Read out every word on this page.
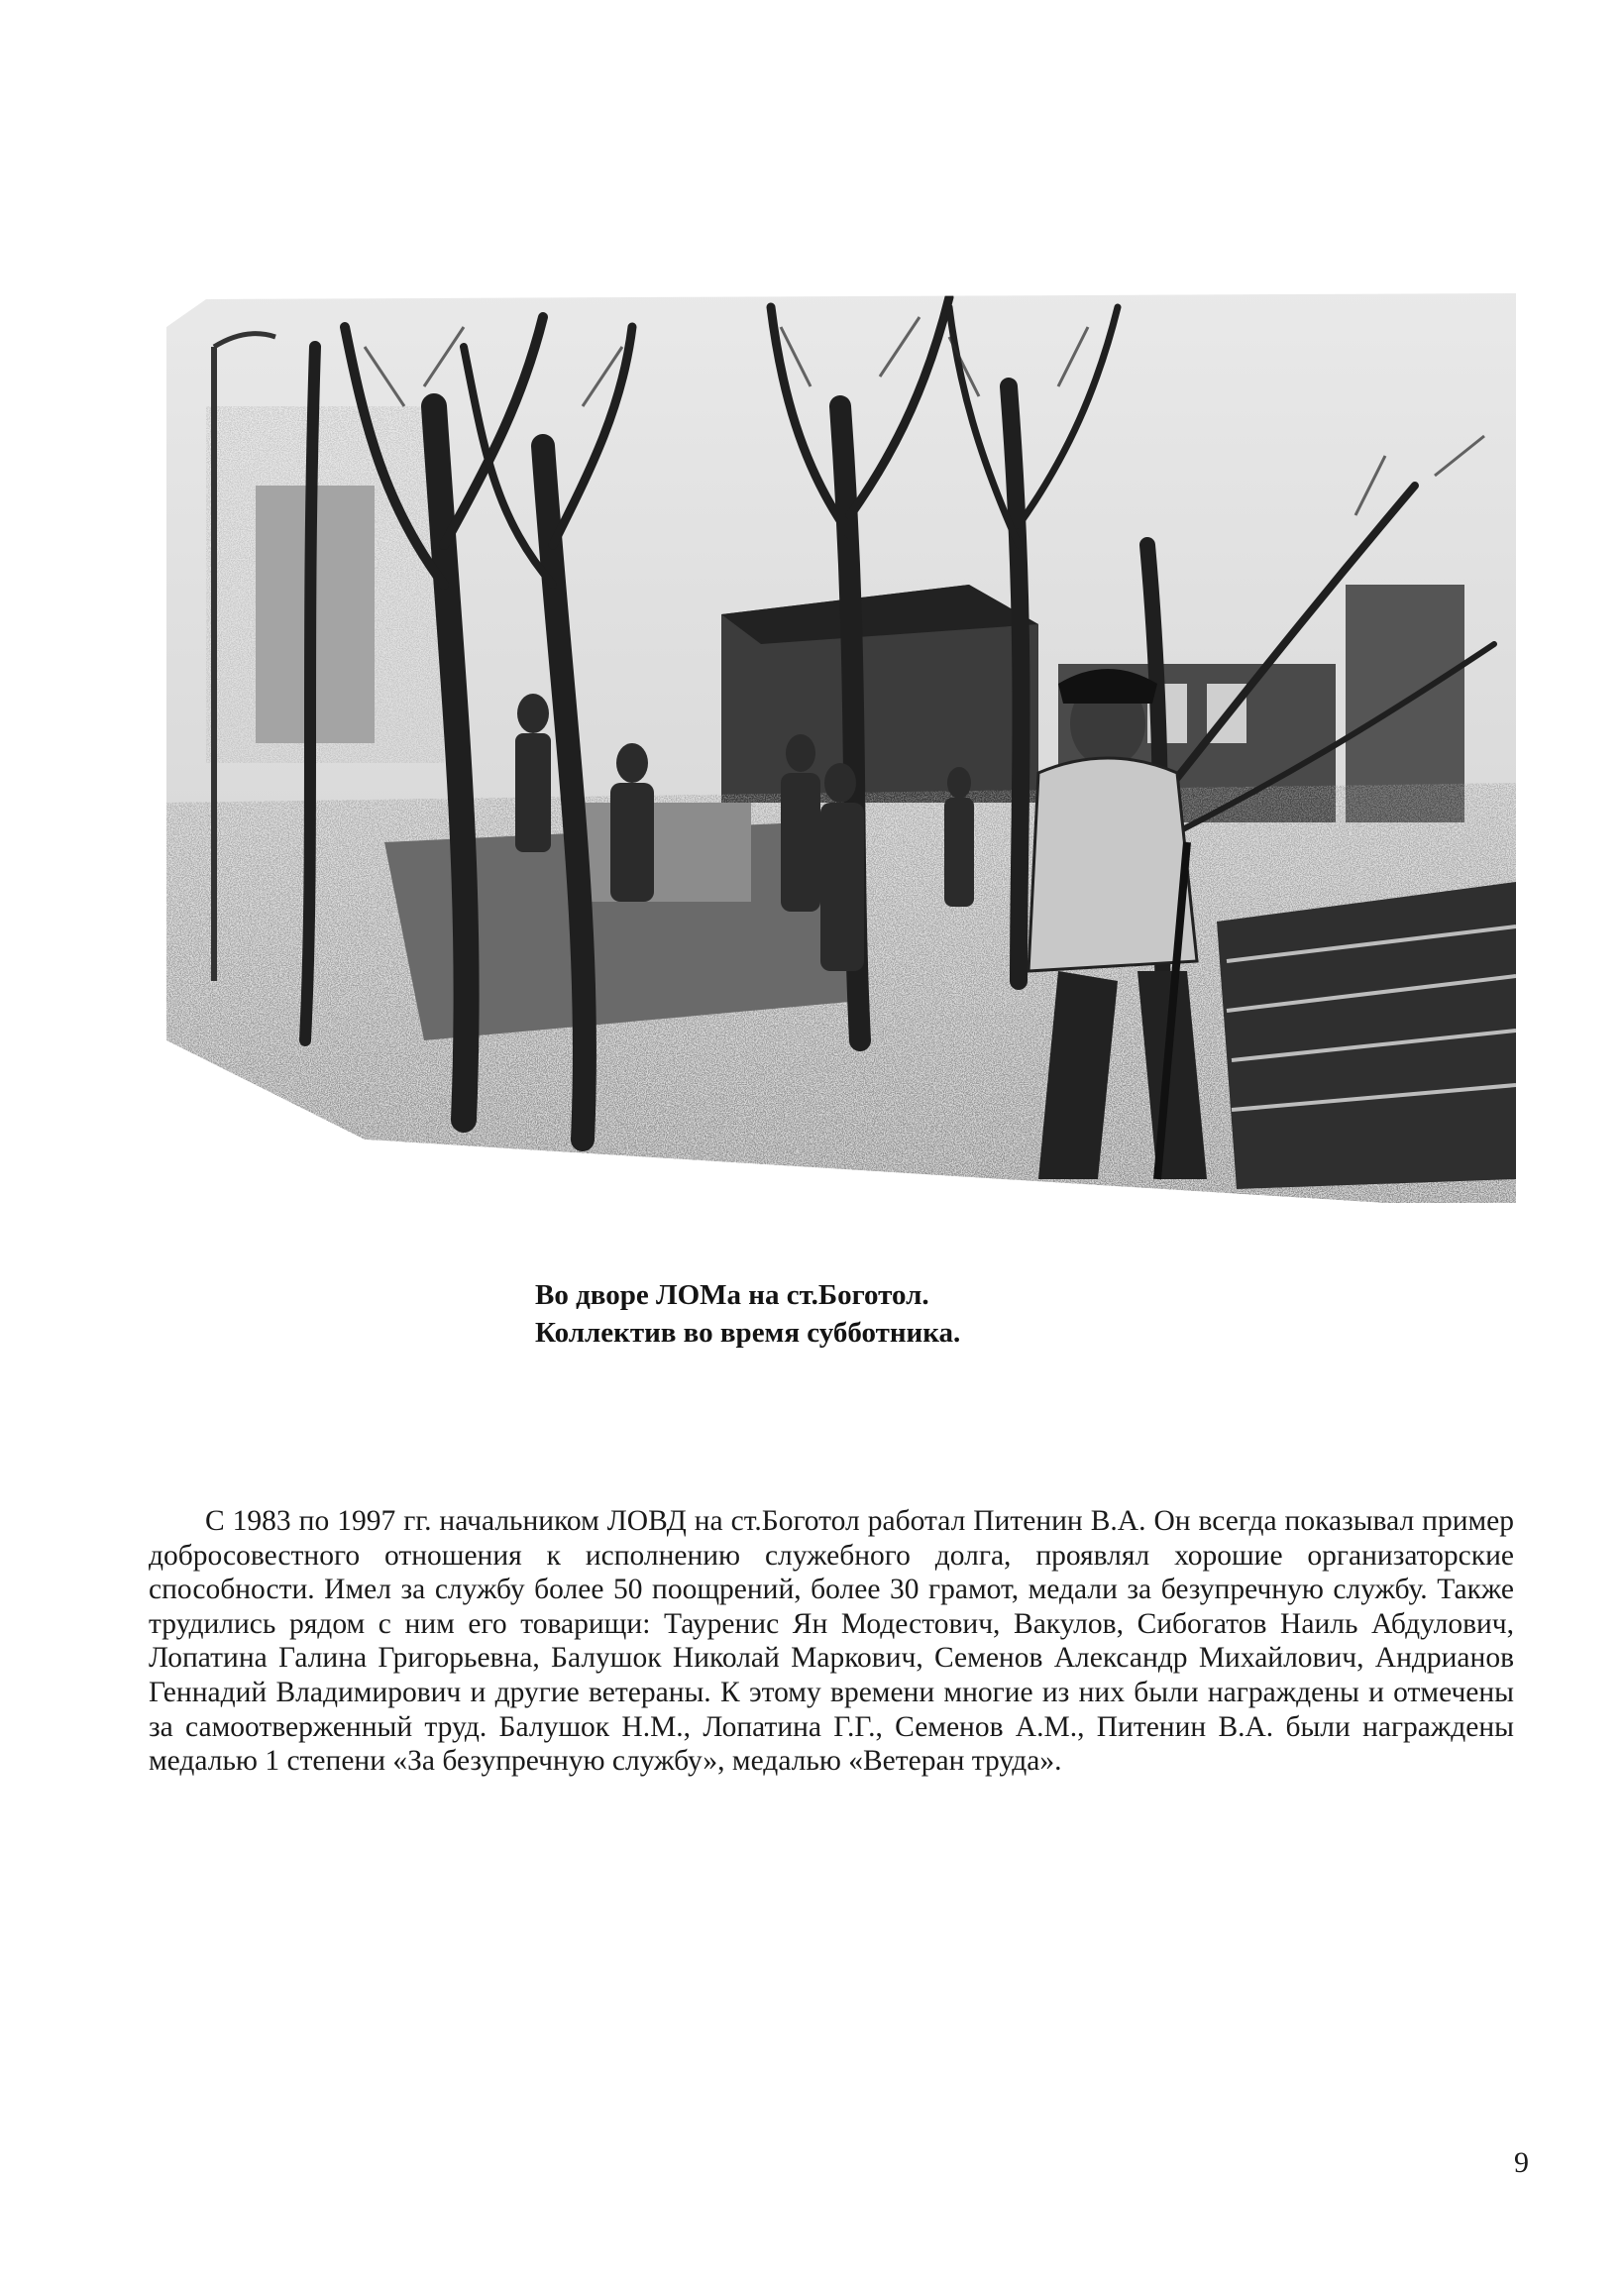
Во дворе ЛОМа на ст.Боготол.
Коллектив во время субботника.

С 1983 по 1997 гг. начальником ЛОВД на ст.Боготол работал Питенин В.А. Он всегда показывал пример добросовестного отношения к исполнению служебного долга, проявлял хорошие организаторские способности. Имел за службу более 50 поощрений, более 30 грамот, медали за безупречную службу. Также трудились рядом с ним его товарищи: Тауренис Ян Модестович, Вакулов, Сибогатов Наиль Абдулович, Лопатина Галина Григорьевна, Балушок Николай Маркович, Семенов Александр Михайлович, Андрианов Геннадий Владимирович и другие ветераны. К этому времени многие из них были награждены и отмечены за самоотверженный труд. Балушок Н.М., Лопатина Г.Г., Семенов А.М., Питенин В.А. были награждены медалью 1 степени «За безупречную службу», медалью «Ветеран труда».

9
